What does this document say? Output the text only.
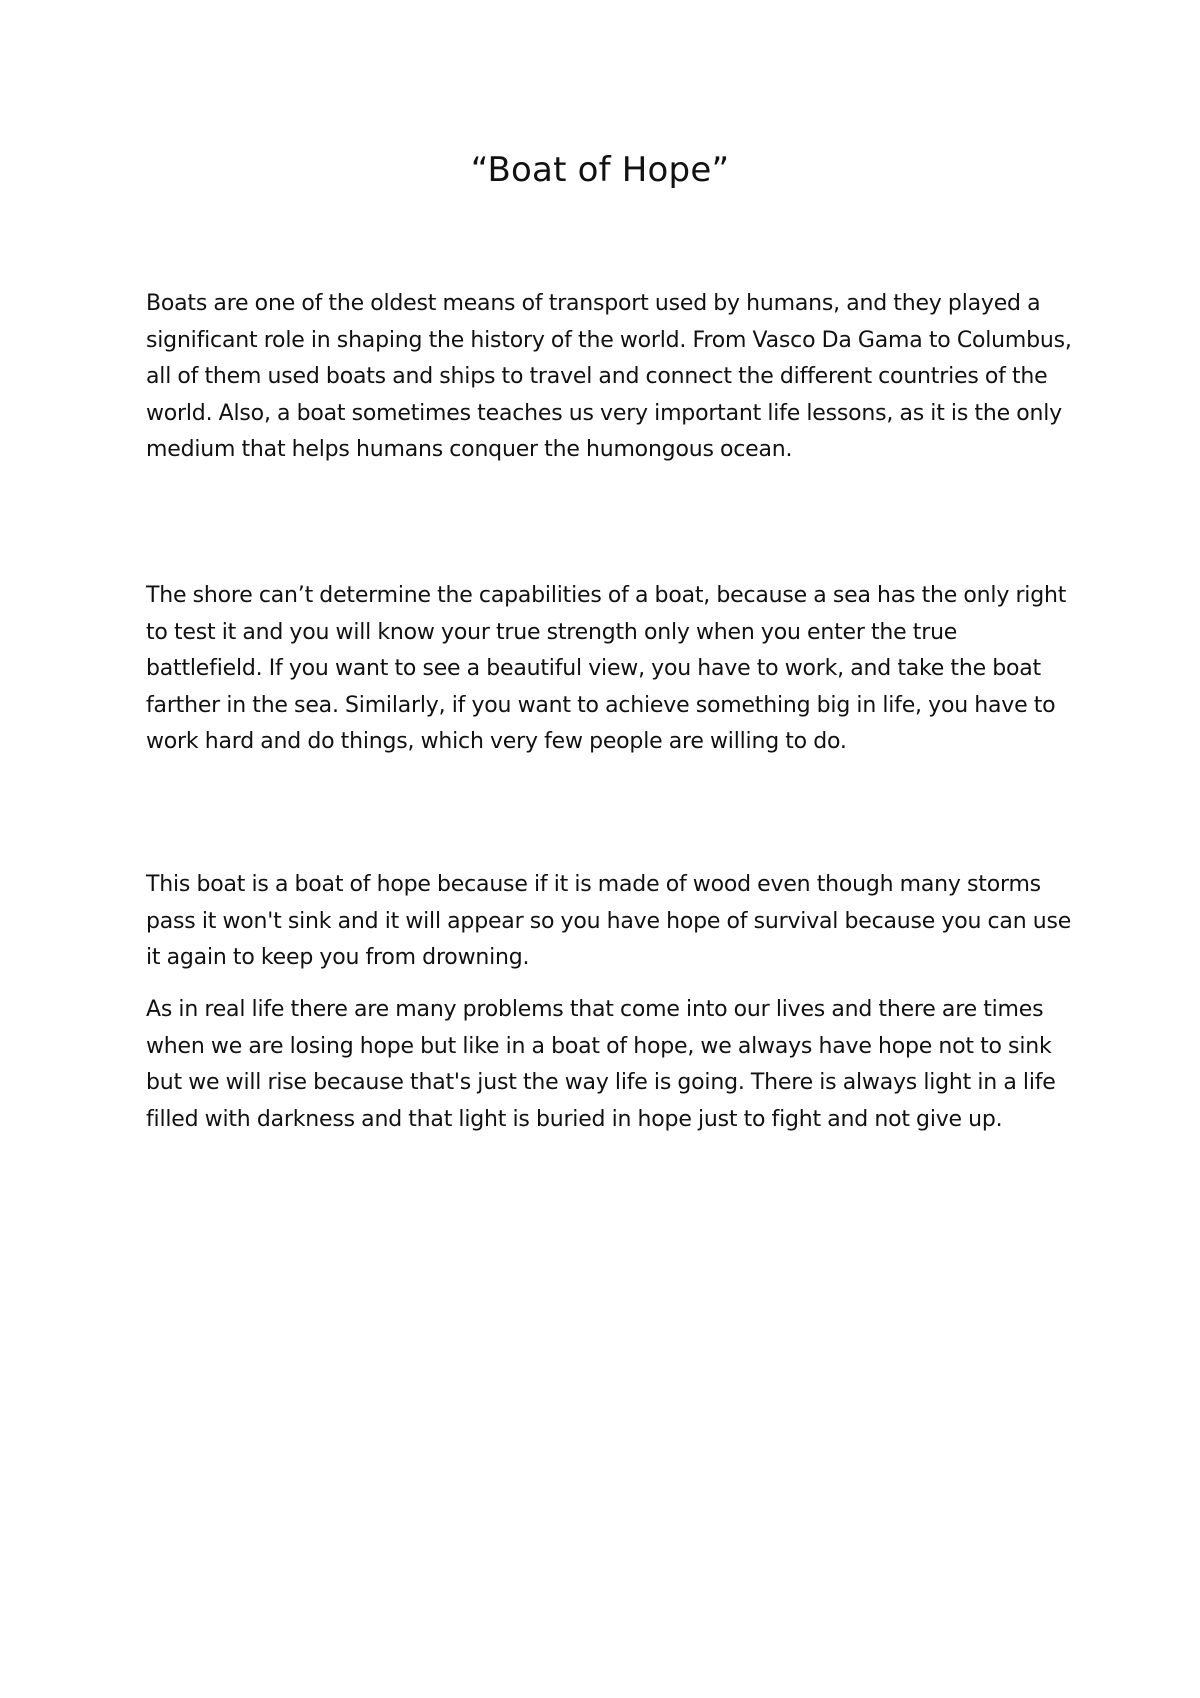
“Boat of Hope”

Boats are one of the oldest means of transport used by humans, and they played a significant role in shaping the history of the world. From Vasco Da Gama to Columbus, all of them used boats and ships to travel and connect the different countries of the world. Also, a boat sometimes teaches us very important life lessons, as it is the only medium that helps humans conquer the humongous ocean.

The shore can’t determine the capabilities of a boat, because a sea has the only right to test it and you will know your true strength only when you enter the true battlefield. If you want to see a beautiful view, you have to work, and take the boat farther in the sea. Similarly, if you want to achieve something big in life, you have to work hard and do things, which very few people are willing to do.

This boat is a boat of hope because if it is made of wood even though many storms pass it won't sink and it will appear so you have hope of survival because you can use it again to keep you from drowning.

As in real life there are many problems that come into our lives and there are times when we are losing hope but like in a boat of hope, we always have hope not to sink but we will rise because that's just the way life is going. There is always light in a life filled with darkness and that light is buried in hope just to fight and not give up.
